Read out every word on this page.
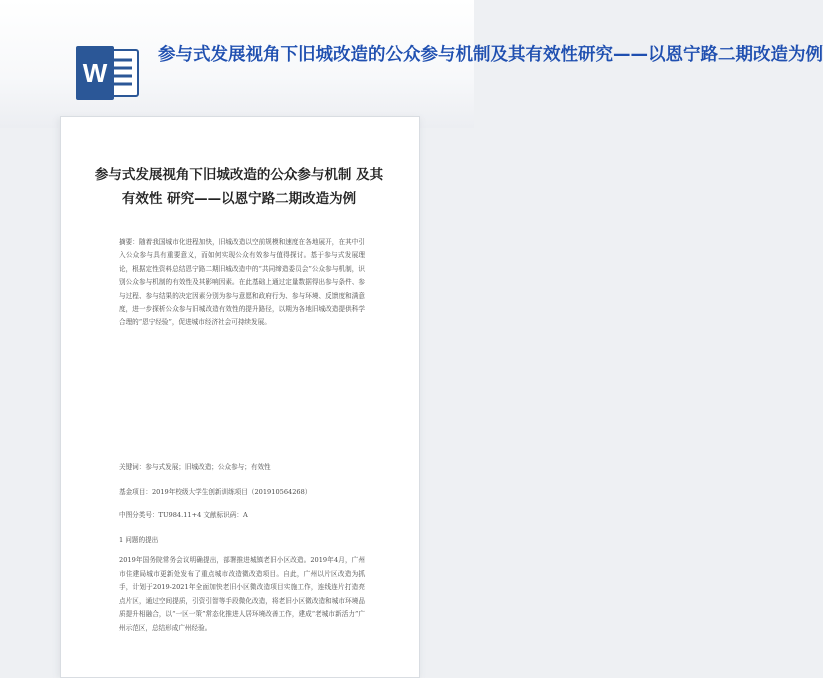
W
参与式发展视角下旧城改造的公众参与机制及其有效性研究——以恩宁路二期改造为例
参与式发展视角下旧城改造的公众参与机制 及其有效性 研究——以恩宁路二期改造为例
摘要：随着我国城市化进程加快，旧城改造以空前规模和速度在各地展开，在其中引入公众参与具有重要意义，而如何实现公众有效参与值得探讨。基于参与式发展理论，根据定性资料总结恩宁路二期旧城改造中的“共同缔造委员会”公众参与机制，识别公众参与机制的有效性及其影响因素。在此基础上通过定量数据得出参与条件、参与过程、参与结果的决定因素分别为参与意愿和政府行为、参与环境、反馈度和满意度，进一步探析公众参与旧城改造有效性的提升路径，以期为各地旧城改造提供科学合理的“恩宁经验”，促进城市经济社会可持续发展。
关键词：参与式发展；旧城改造；公众参与；有效性
基金项目：2019年校级大学生创新训练项目（201910564268）
中图分类号：TU984.11+4 文献标识码：A
1 问题的提出
2019年国务院常务会议明确提出，部署推进城镇老旧小区改造。2019年4月，广州市住建局城市更新处发布了重点城市改造微改造项目。自此，广州以片区改造为抓手，计划于2019-2021年全面加快老旧小区微改造项目实施工作，连线连片打造亮点片区，通过空间提质，引资引智等手段微化改造，将老旧小区微改造和城市环境品质提升相融合，以“一区一策”常态化推进人居环境改善工作，建成“老城市新活力”广州示范区，总结形成广州经验。
